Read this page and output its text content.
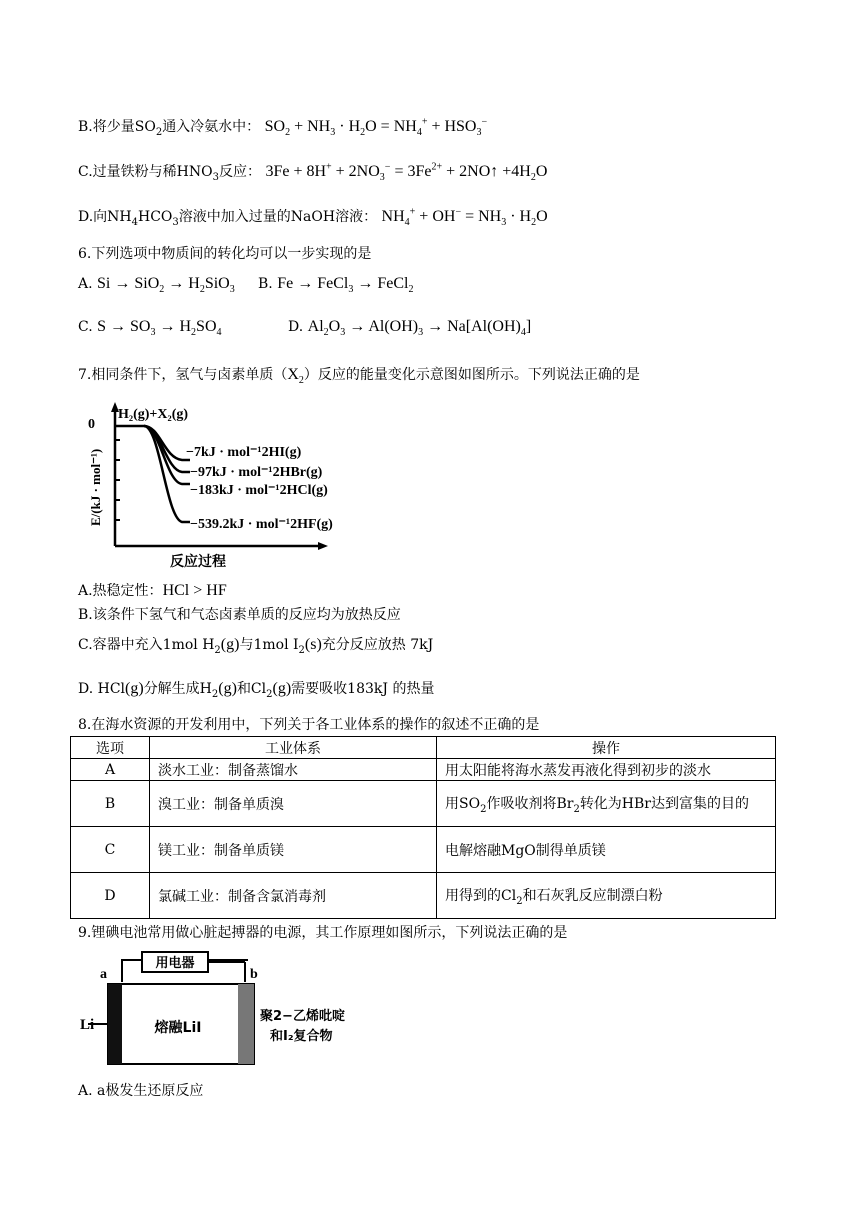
B.将少量$SO_2$通入冷氨水中： $SO_2 + NH_3 \cdot H_2O = NH_4^+ + HSO_3^-$
C.过量铁粉与稀$HNO_3$反应： $3Fe + 8H^+ + 2NO_3^- = 3Fe^{2+}$ + 2NO↑ $+4H_2O$
D.向$NH_4HCO_3$溶液中加入过量的NaOH溶液： $NH_4^+ + OH^- = NH_3 \cdot H_2O$
6.下列选项中物质间的转化均可以一步实现的是
A. $Si \to SiO_2 \to H_2SiO_3$ B. Fe → FeCl$_3$ → FeCl$_2$
C. $S \to SO_3 \to H_2SO_4$	D. $Al_2O_3 \to Al(OH)_3 \to Na[Al(OH)_4]$
7.相同条件下，氢气与卤素单质$(X_2)$反应的能量变化示意图如图所示。下列说法正确的是
0
H₂(g)+X₂(g)
E/(kJ · mol⁻¹)	−7kJ · mol⁻¹2HI(g)
−97kJ · mol⁻¹2HBr(g)
−183kJ · mol⁻¹2HCl(g)
−539.2kJ · mol⁻¹2HF(g)
反应过程
A.热稳定性：HCl > HF
B.该条件下氢气和气态卤素单质的反应均为放热反应
C.容器中充入1mol $H_2(g)$与1mol $I_2(s)$充分反应放热 7kJ
D. HCl(g)分解生成$H_2(g)$和$Cl_2(g)$需要吸收183kJ 的热量
8.在海水资源的开发利用中，下列关于各工业体系的操作的叙述不正确的是
选项	工业体系	操作
A	淡水工业：制备蒸馏水	用太阳能将海水蒸发再液化得到初步的淡水
B	溴工业：制备单质溴	用$SO_2$作吸收剂将$Br_2$转化为HBr达到富集的目的
C	镁工业：制备单质镁	电解熔融MgO制得单质镁
D	氯碱工业：制备含氯消毒剂	用得到的$Cl_2$和石灰乳反应制漂白粉
9.锂碘电池常用做心脏起搏器的电源，其工作原理如图所示，下列说法正确的是
用电器
a	b
Li	熔融LiI
聚2−乙烯吡啶
和I₂复合物
A. a极发生还原反应
